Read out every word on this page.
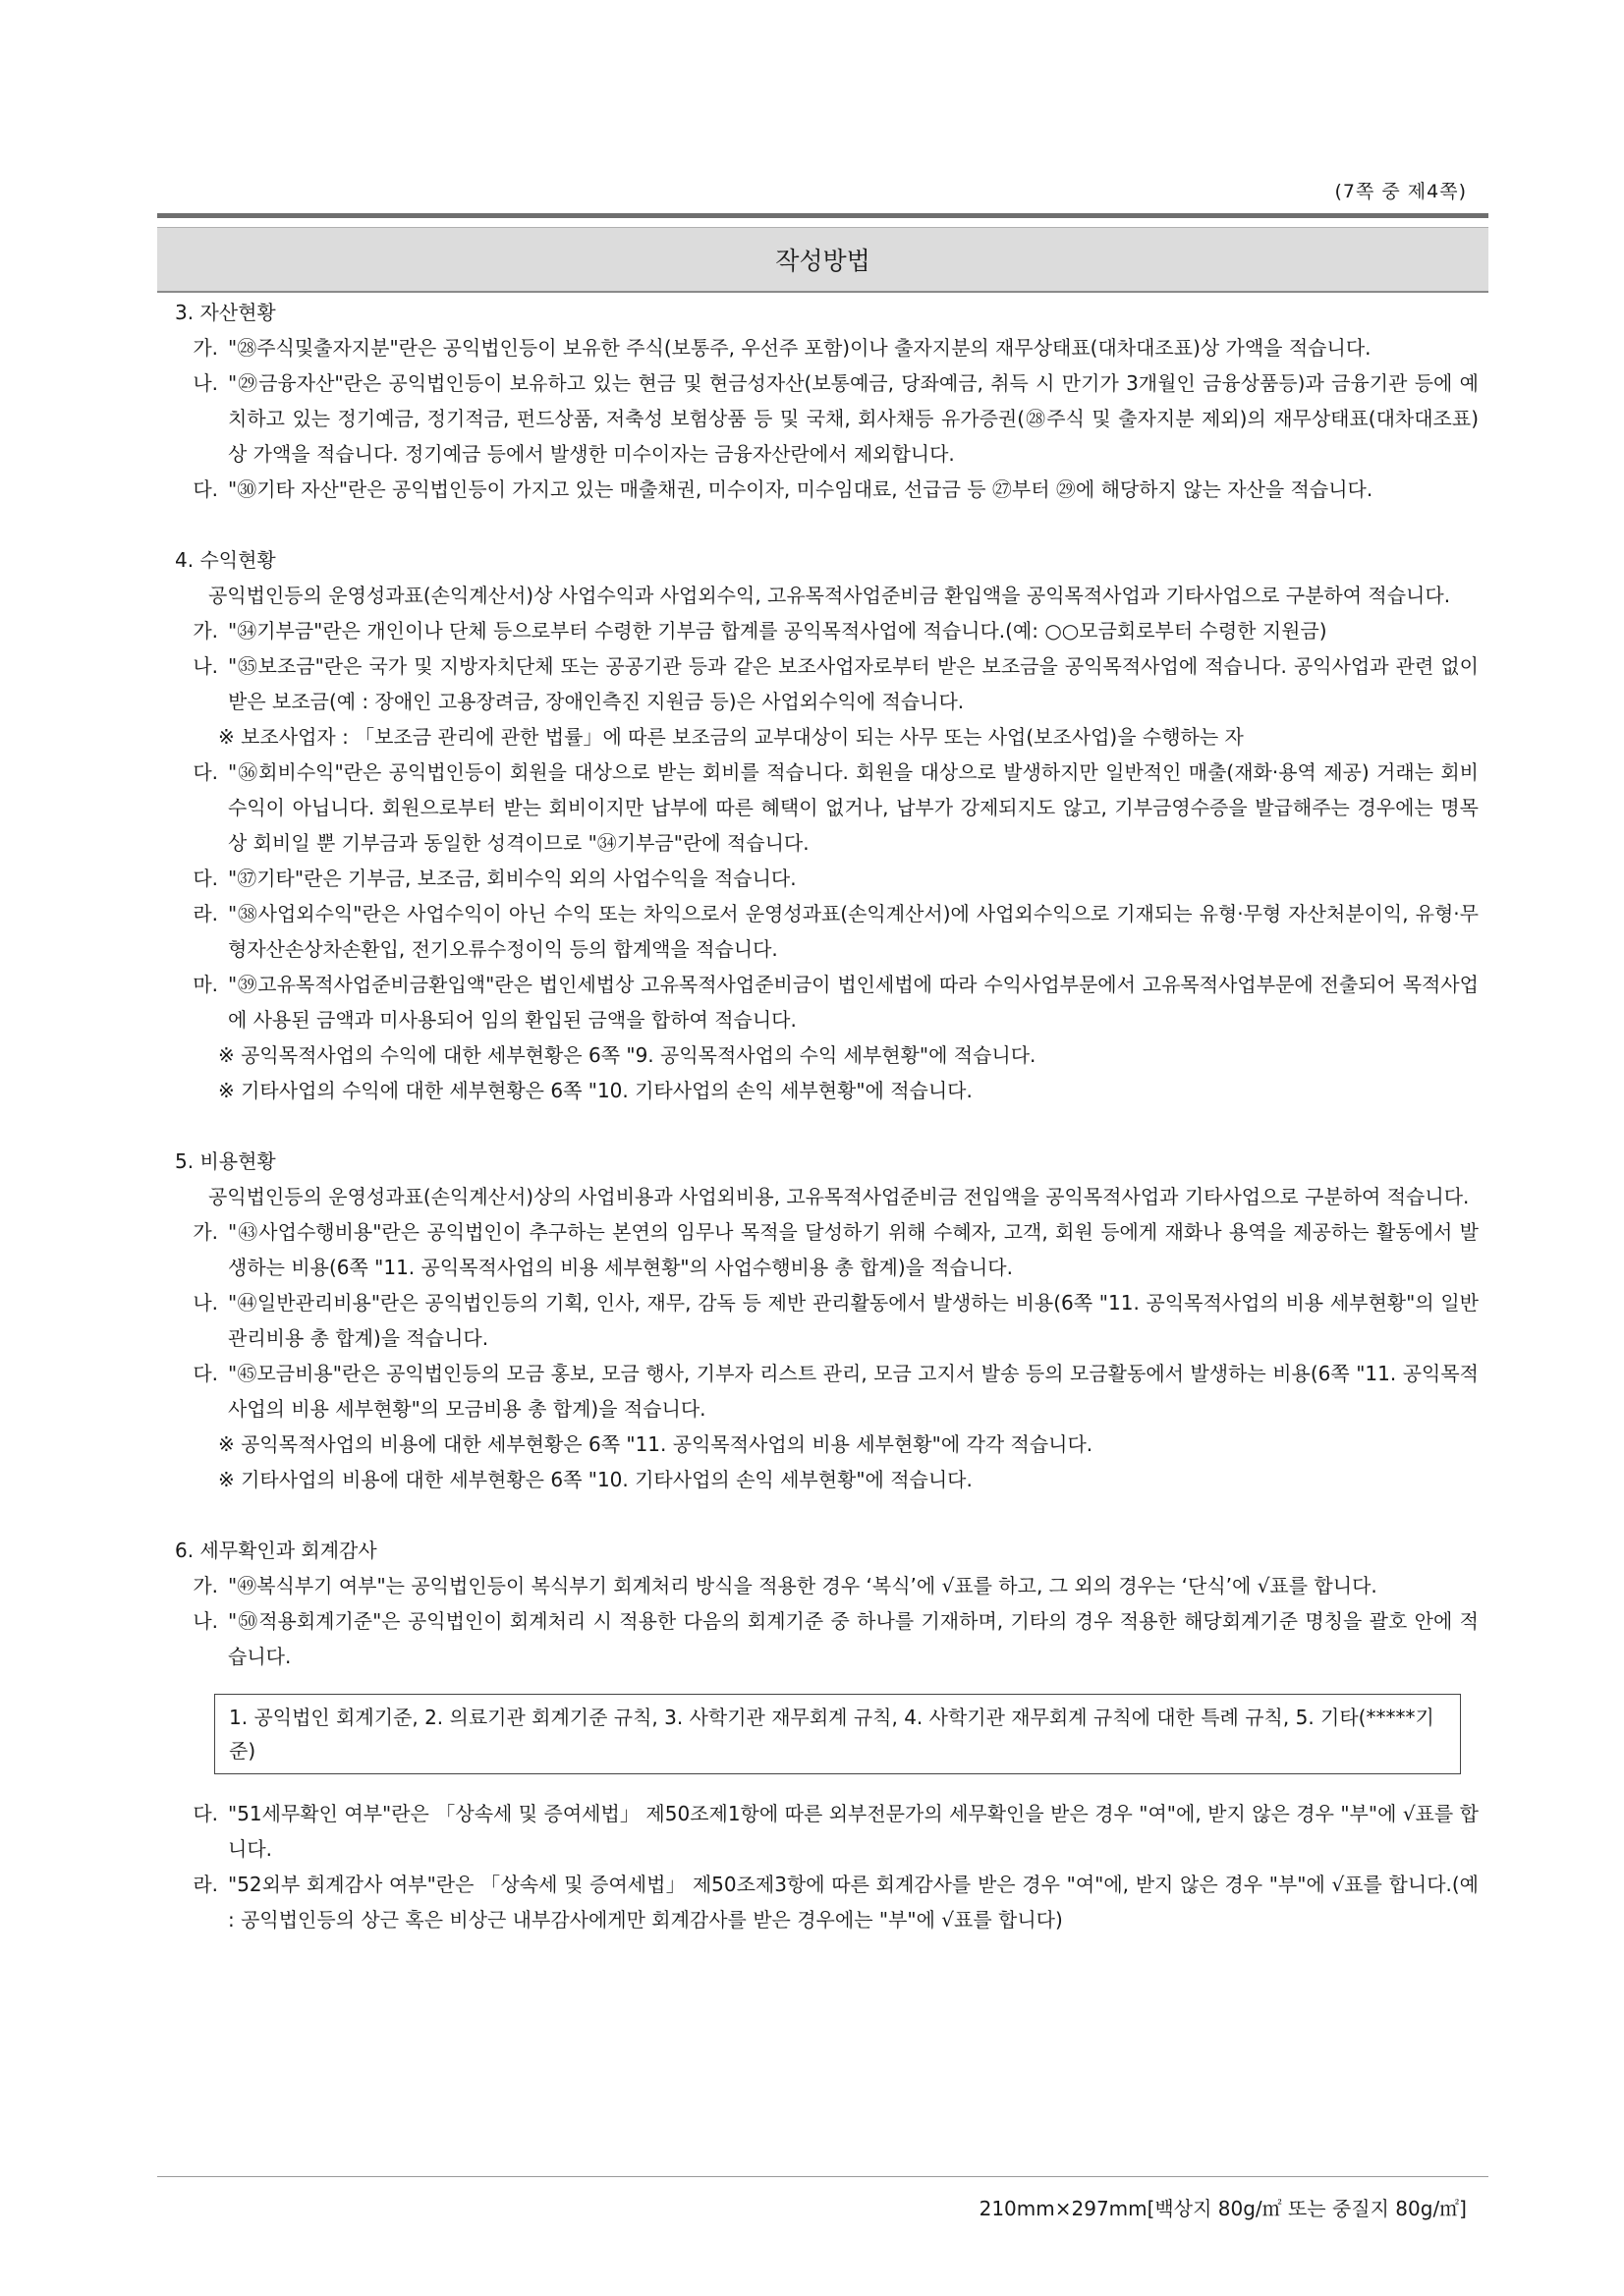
(7쪽 중 제4쪽)
작성방법
3. 자산현황
가. "㉘주식및출자지분"란은 공익법인등이 보유한 주식(보통주, 우선주 포함)이나 출자지분의 재무상태표(대차대조표)상 가액을 적습니다.
나. "㉙금융자산"란은 공익법인등이 보유하고 있는 현금 및 현금성자산(보통예금, 당좌예금, 취득 시 만기가 3개월인 금융상품등)과 금융기관 등에 예치하고 있는 정기예금, 정기적금, 펀드상품, 저축성 보험상품 등 및 국채, 회사채등 유가증권(㉘주식 및 출자지분 제외)의 재무상태표(대차대조표)상 가액을 적습니다. 정기예금 등에서 발생한 미수이자는 금융자산란에서 제외합니다.
다. "㉚기타 자산"란은 공익법인등이 가지고 있는 매출채권, 미수이자, 미수임대료, 선급금 등 ㉗부터 ㉙에 해당하지 않는 자산을 적습니다.
4. 수익현황
공익법인등의 운영성과표(손익계산서)상 사업수익과 사업외수익, 고유목적사업준비금 환입액을 공익목적사업과 기타사업으로 구분하여 적습니다.
가. "㉞기부금"란은 개인이나 단체 등으로부터 수령한 기부금 합계를 공익목적사업에 적습니다.(예: ○○모금회로부터 수령한 지원금)
나. "㉟보조금"란은 국가 및 지방자치단체 또는 공공기관 등과 같은 보조사업자로부터 받은 보조금을 공익목적사업에 적습니다. 공익사업과 관련 없이 받은 보조금(예 : 장애인 고용장려금, 장애인측진 지원금 등)은 사업외수익에 적습니다.
※ 보조사업자 : 「보조금 관리에 관한 법률」에 따른 보조금의 교부대상이 되는 사무 또는 사업(보조사업)을 수행하는 자
다. "㊱회비수익"란은 공익법인등이 회원을 대상으로 받는 회비를 적습니다. 회원을 대상으로 발생하지만 일반적인 매출(재화·용역 제공) 거래는 회비수익이 아닙니다. 회원으로부터 받는 회비이지만 납부에 따른 혜택이 없거나, 납부가 강제되지도 않고, 기부금영수증을 발급해주는 경우에는 명목상 회비일 뿐 기부금과 동일한 성격이므로 "㉞기부금"란에 적습니다.
다. "㊲기타"란은 기부금, 보조금, 회비수익 외의 사업수익을 적습니다.
라. "㊳사업외수익"란은 사업수익이 아닌 수익 또는 차익으로서 운영성과표(손익계산서)에 사업외수익으로 기재되는 유형·무형 자산처분이익, 유형·무형자산손상차손환입, 전기오류수정이익 등의 합계액을 적습니다.
마. "㊴고유목적사업준비금환입액"란은 법인세법상 고유목적사업준비금이 법인세법에 따라 수익사업부문에서 고유목적사업부문에 전출되어 목적사업에 사용된 금액과 미사용되어 임의 환입된 금액을 합하여 적습니다.
※ 공익목적사업의 수익에 대한 세부현황은 6쪽 "9. 공익목적사업의 수익 세부현황"에 적습니다.
※ 기타사업의 수익에 대한 세부현황은 6쪽 "10. 기타사업의 손익 세부현황"에 적습니다.
5. 비용현황
공익법인등의 운영성과표(손익계산서)상의 사업비용과 사업외비용, 고유목적사업준비금 전입액을 공익목적사업과 기타사업으로 구분하여 적습니다.
가. "㊸사업수행비용"란은 공익법인이 추구하는 본연의 임무나 목적을 달성하기 위해 수혜자, 고객, 회원 등에게 재화나 용역을 제공하는 활동에서 발생하는 비용(6쪽 "11. 공익목적사업의 비용 세부현황"의 사업수행비용 총 합계)을 적습니다.
나. "㊹일반관리비용"란은 공익법인등의 기획, 인사, 재무, 감독 등 제반 관리활동에서 발생하는 비용(6쪽 "11. 공익목적사업의 비용 세부현황"의 일반관리비용 총 합계)을 적습니다.
다. "㊺모금비용"란은 공익법인등의 모금 홍보, 모금 행사, 기부자 리스트 관리, 모금 고지서 발송 등의 모금활동에서 발생하는 비용(6쪽 "11. 공익목적사업의 비용 세부현황"의 모금비용 총 합계)을 적습니다.
※ 공익목적사업의 비용에 대한 세부현황은 6쪽 "11. 공익목적사업의 비용 세부현황"에 각각 적습니다.
※ 기타사업의 비용에 대한 세부현황은 6쪽 "10. 기타사업의 손익 세부현황"에 적습니다.
6. 세무확인과 회계감사
가. "㊾복식부기 여부"는 공익법인등이 복식부기 회계처리 방식을 적용한 경우 ‘복식’에 √표를 하고, 그 외의 경우는 ‘단식’에 √표를 합니다.
나. "㊿적용회계기준"은 공익법인이 회계처리 시 적용한 다음의 회계기준 중 하나를 기재하며, 기타의 경우 적용한 해당회계기준 명칭을 괄호 안에 적습니다.
1. 공익법인 회계기준, 2. 의료기관 회계기준 규칙, 3. 사학기관 재무회계 규칙, 4. 사학기관 재무회계 규칙에 대한 특례 규칙, 5. 기타(*****기준)
다. "51세무확인 여부"란은 「상속세 및 증여세법」 제50조제1항에 따른 외부전문가의 세무확인을 받은 경우 "여"에, 받지 않은 경우 "부"에 √표를 합니다.
라. "52외부 회계감사 여부"란은 「상속세 및 증여세법」 제50조제3항에 따른 회계감사를 받은 경우 "여"에, 받지 않은 경우 "부"에 √표를 합니다.(예 : 공익법인등의 상근 혹은 비상근 내부감사에게만 회계감사를 받은 경우에는 "부"에 √표를 합니다)
210mm×297mm[백상지 80g/㎡ 또는 중질지 80g/㎡]
